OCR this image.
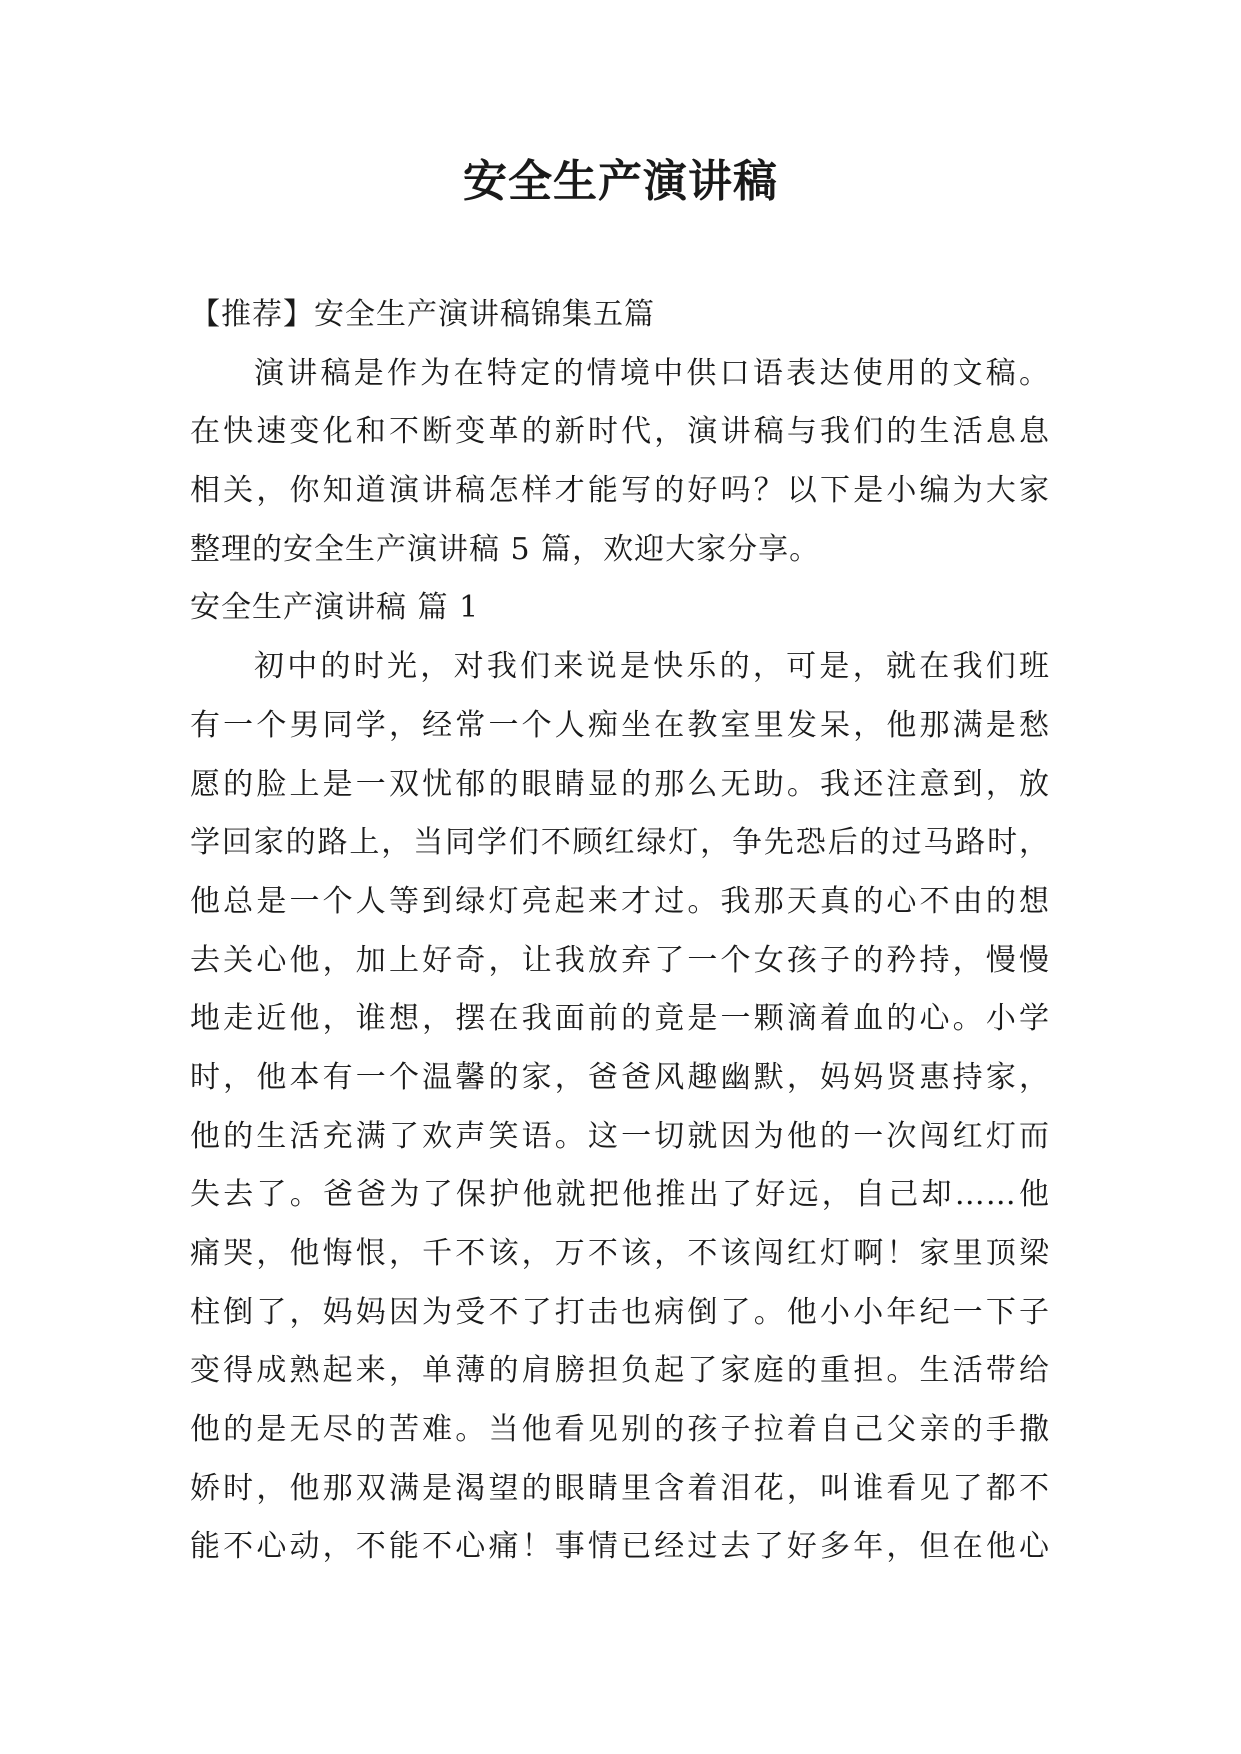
安全生产演讲稿
【推荐】安全生产演讲稿锦集五篇
演讲稿是作为在特定的情境中供口语表达使用的文稿。
在快速变化和不断变革的新时代，演讲稿与我们的生活息息
相关，你知道演讲稿怎样才能写的好吗？以下是小编为大家
整理的安全生产演讲稿 5 篇，欢迎大家分享。
安全生产演讲稿 篇 1
初中的时光，对我们来说是快乐的，可是，就在我们班
有一个男同学，经常一个人痴坐在教室里发呆，他那满是愁
愿的脸上是一双忧郁的眼睛显的那么无助。我还注意到，放
学回家的路上，当同学们不顾红绿灯，争先恐后的过马路时，
他总是一个人等到绿灯亮起来才过。我那天真的心不由的想
去关心他，加上好奇，让我放弃了一个女孩子的矜持，慢慢
地走近他，谁想，摆在我面前的竟是一颗滴着血的心。小学
时，他本有一个温馨的家，爸爸风趣幽默，妈妈贤惠持家，
他的生活充满了欢声笑语。这一切就因为他的一次闯红灯而
失去了。爸爸为了保护他就把他推出了好远，自己却……他
痛哭，他悔恨，千不该，万不该，不该闯红灯啊！家里顶梁
柱倒了，妈妈因为受不了打击也病倒了。他小小年纪一下子
变得成熟起来，单薄的肩膀担负起了家庭的重担。生活带给
他的是无尽的苦难。当他看见别的孩子拉着自己父亲的手撒
娇时，他那双满是渴望的眼睛里含着泪花，叫谁看见了都不
能不心动，不能不心痛！事情已经过去了好多年，但在他心
